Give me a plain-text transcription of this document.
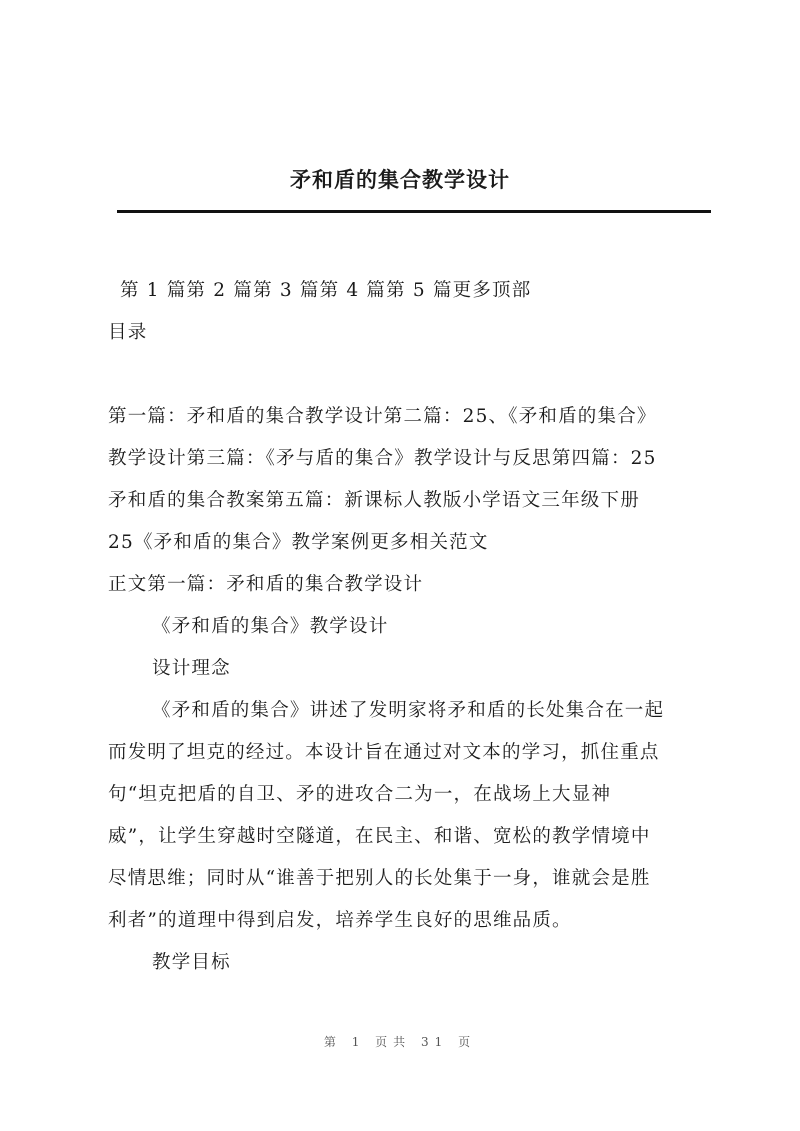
矛和盾的集合教学设计
第 1 篇第 2 篇第 3 篇第 4 篇第 5 篇更多顶部
目录
第一篇：矛和盾的集合教学设计第二篇：25、《矛和盾的集合》
教学设计第三篇：《矛与盾的集合》教学设计与反思第四篇：25
矛和盾的集合教案第五篇：新课标人教版小学语文三年级下册
25《矛和盾的集合》教学案例更多相关范文
正文第一篇：矛和盾的集合教学设计
《矛和盾的集合》教学设计
设计理念
《矛和盾的集合》讲述了发明家将矛和盾的长处集合在一起
而发明了坦克的经过。本设计旨在通过对文本的学习，抓住重点
句“坦克把盾的自卫、矛的进攻合二为一，在战场上大显神
威”，让学生穿越时空隧道，在民主、和谐、宽松的教学情境中
尽情思维；同时从“谁善于把别人的长处集于一身，谁就会是胜
利者”的道理中得到启发，培养学生良好的思维品质。
教学目标
第 1 页共 31 页
